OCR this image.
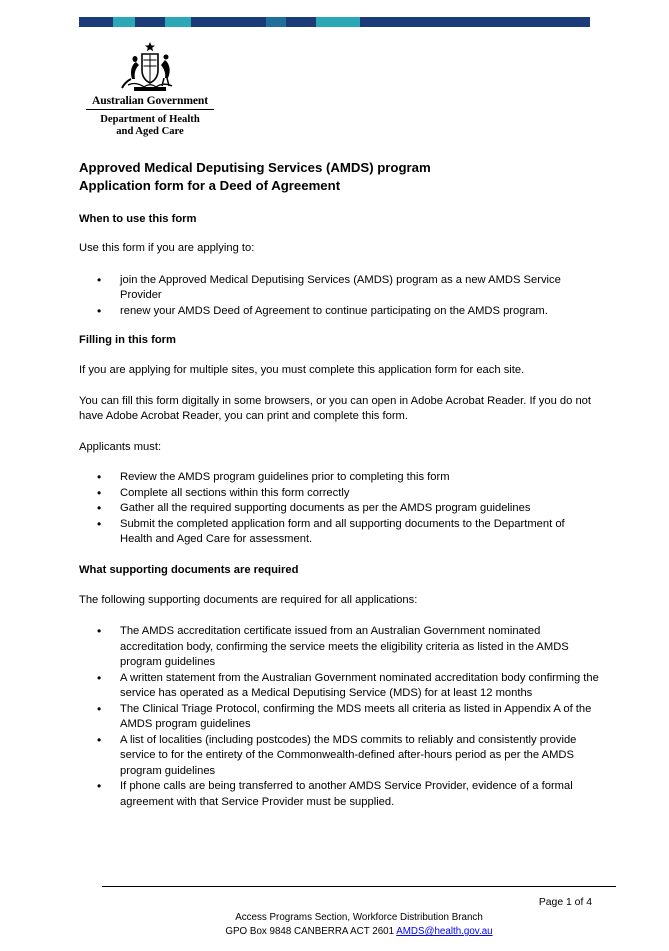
Australian Government
Department of Health
and Aged Care
Approved Medical Deputising Services (AMDS) program
Application form for a Deed of Agreement
When to use this form

Use this form if you are applying to:

• join the Approved Medical Deputising Services (AMDS) program as a new AMDS Service Provider
• renew your AMDS Deed of Agreement to continue participating on the AMDS program.
Filling in this form

If you are applying for multiple sites, you must complete this application form for each site.

You can fill this form digitally in some browsers, or you can open in Adobe Acrobat Reader. If you do not have Adobe Acrobat Reader, you can print and complete this form.

Applicants must:

• Review the AMDS program guidelines prior to completing this form
• Complete all sections within this form correctly
• Gather all the required supporting documents as per the AMDS program guidelines
• Submit the completed application form and all supporting documents to the Department of Health and Aged Care for assessment.
What supporting documents are required

The following supporting documents are required for all applications:

• The AMDS accreditation certificate issued from an Australian Government nominated accreditation body, confirming the service meets the eligibility criteria as listed in the AMDS program guidelines
• A written statement from the Australian Government nominated accreditation body confirming the service has operated as a Medical Deputising Service (MDS) for at least 12 months
• The Clinical Triage Protocol, confirming the MDS meets all criteria as listed in Appendix A of the AMDS program guidelines
• A list of localities (including postcodes) the MDS commits to reliably and consistently provide service to for the entirety of the Commonwealth-defined after-hours period as per the AMDS program guidelines
• If phone calls are being transferred to another AMDS Service Provider, evidence of a formal agreement with that Service Provider must be supplied.
Page 1 of 4
Access Programs Section, Workforce Distribution Branch
GPO Box 9848 CANBERRA ACT 2601 AMDS@health.gov.au
